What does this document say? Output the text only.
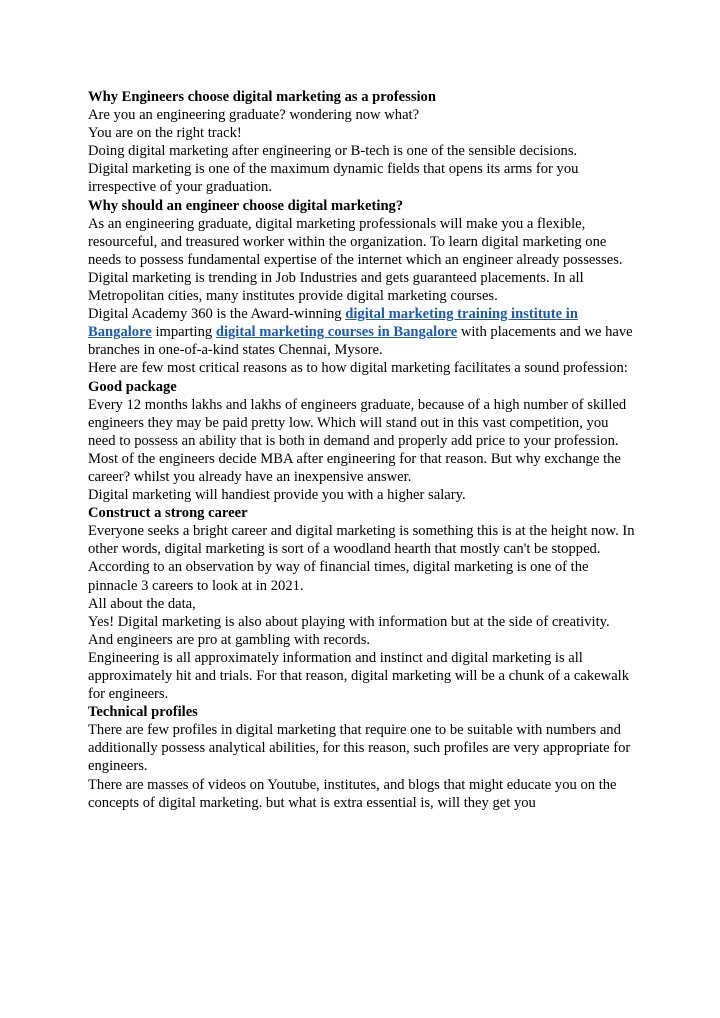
Why Engineers choose digital marketing as a profession

Are you an engineering graduate? wondering now what?

You are on the right track!

Doing digital marketing after engineering or B-tech is one of the sensible decisions.

Digital marketing is one of the maximum dynamic fields that opens its arms for you irrespective of your graduation.

Why should an engineer choose digital marketing?

As an engineering graduate, digital marketing professionals will make you a flexible, resourceful, and treasured worker within the organization. To learn digital marketing one needs to possess fundamental expertise of the internet which an engineer already possesses.

Digital marketing is trending in Job Industries and gets guaranteed placements. In all Metropolitan cities, many institutes provide digital marketing courses.

Digital Academy 360 is the Award-winning digital marketing training institute in Bangalore imparting digital marketing courses in Bangalore with placements and we have branches in one-of-a-kind states Chennai, Mysore.

Here are few most critical reasons as to how digital marketing facilitates a sound profession:

Good package

Every 12 months lakhs and lakhs of engineers graduate, because of a high number of skilled engineers they may be paid pretty low. Which will stand out in this vast competition, you need to possess an ability that is both in demand and properly add price to your profession.

Most of the engineers decide MBA after engineering for that reason. But why exchange the career? whilst you already have an inexpensive answer.

Digital marketing will handiest provide you with a higher salary.

Construct a strong career

Everyone seeks a bright career and digital marketing is something this is at the height now. In other words, digital marketing is sort of a woodland hearth that mostly can't be stopped.

According to an observation by way of financial times, digital marketing is one of the pinnacle 3 careers to look at in 2021.

All about the data,

Yes! Digital marketing is also about playing with information but at the side of creativity.

And engineers are pro at gambling with records.

Engineering is all approximately information and instinct and digital marketing is all approximately hit and trials. For that reason, digital marketing will be a chunk of a cakewalk for engineers.

Technical profiles

There are few profiles in digital marketing that require one to be suitable with numbers and additionally possess analytical abilities, for this reason, such profiles are very appropriate for engineers.

There are masses of videos on Youtube, institutes, and blogs that might educate you on the concepts of digital marketing. but what is extra essential is, will they get you
